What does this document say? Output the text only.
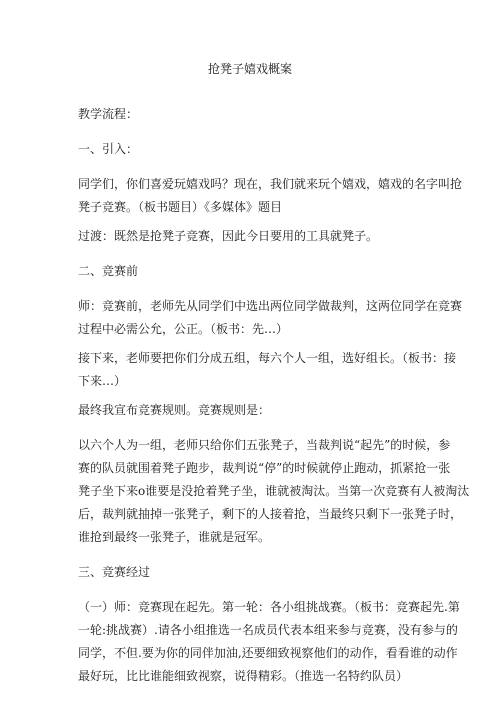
抢凳子嬉戏概案
教学流程：
一、引入：
同学们，你们喜爱玩嬉戏吗？现在，我们就来玩个嬉戏，嬉戏的名字叫抢
凳子竞赛。（板书题目）《多媒体》题目
过渡：既然是抢凳子竞赛，因此今日要用的工具就凳子。
二、竞赛前
师：竞赛前，老师先从同学们中选出两位同学做裁判，这两位同学在竞赛
过程中必需公允，公正。（板书：先…）
接下来，老师要把你们分成五组，每六个人一组，选好组长。（板书：接
下来…）
最终我宣布竞赛规则。竞赛规则是：
以六个人为一组，老师只给你们五张凳子，当裁判说“起先”的时候，参
赛的队员就围着凳子跑步，裁判说“停”的时候就停止跑动，抓紧抢一张
凳子坐下来o谁要是没抢着凳子坐，谁就被淘汰。当第一次竞赛有人被淘汰
后，裁判就抽掉一张凳子，剩下的人接着抢，当最终只剩下一张凳子时，
谁抢到最终一张凳子，谁就是冠军。
三、竞赛经过
（一）师：竞赛现在起先。第一轮：各小组挑战赛。（板书：竞赛起先.第
一轮:挑战赛）.请各小组推选一名成员代表本组来参与竞赛，没有参与的
同学，不但.要为你的同伴加油,还要细致视察他们的动作，看看谁的动作
最好玩，比比谁能细致视察，说得精彩。（推选一名特约队员）
